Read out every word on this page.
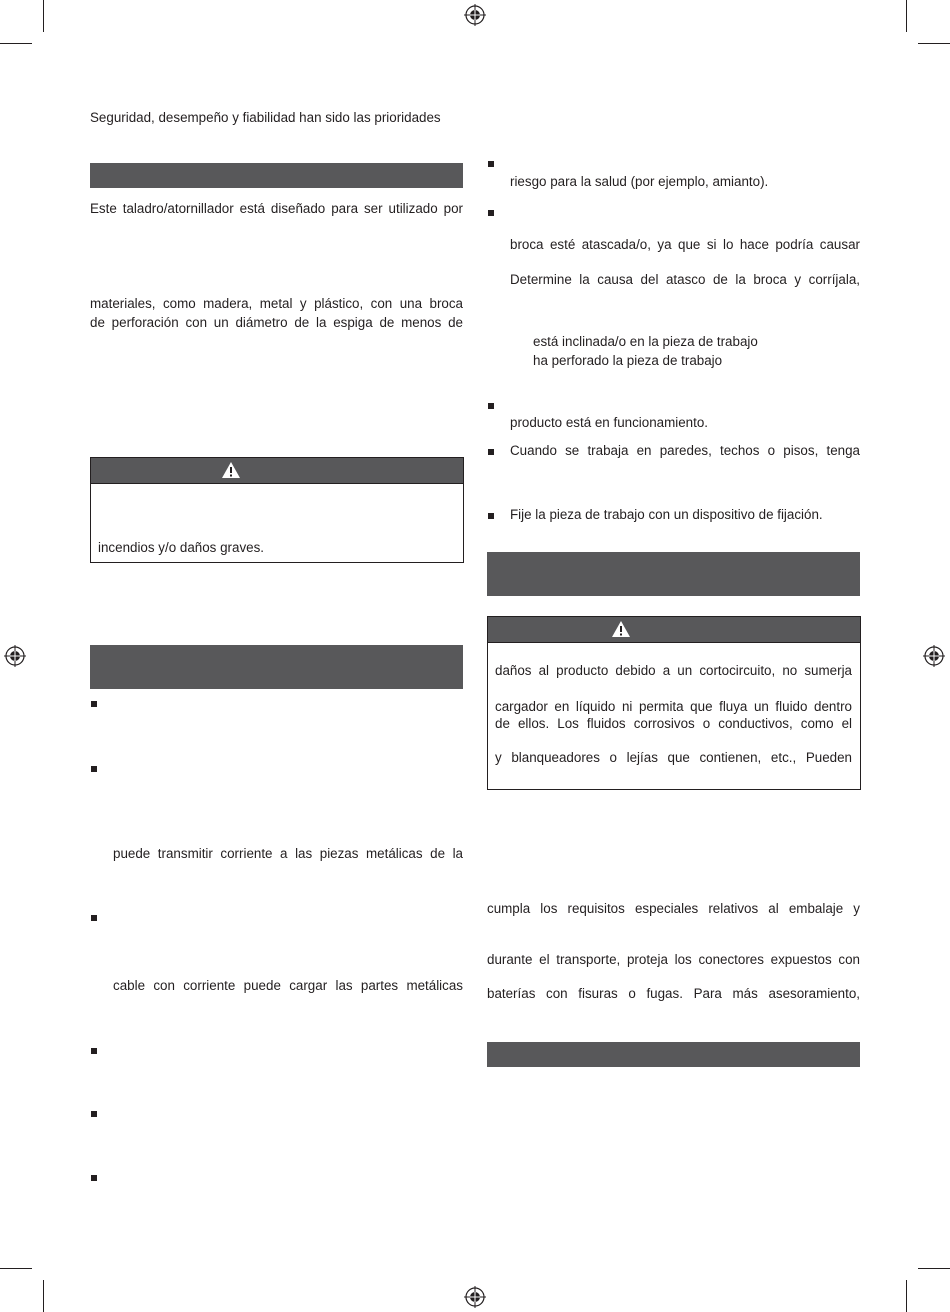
Seguridad, desempeño y fiabilidad han sido las prioridades
Este taladro/atornillador está diseñado para ser utilizado por
materiales, como madera, metal y plástico, con una broca
de perforación con un diámetro de la espiga de menos de
incendios y/o daños graves.
puede transmitir corriente a las piezas metálicas de la
cable con corriente puede cargar las partes metálicas
riesgo para la salud (por ejemplo, amianto).
broca esté atascada/o, ya que si lo hace podría causar
Determine la causa del atasco de la broca y corríjala,
está inclinada/o en la pieza de trabajo
ha perforado la pieza de trabajo
producto está en funcionamiento.
Cuando se trabaja en paredes, techos o pisos, tenga
Fije la pieza de trabajo con un dispositivo de fijación.
daños al producto debido a un cortocircuito, no sumerja
cargador en líquido ni permita que fluya un fluido dentro
de ellos. Los fluidos corrosivos o conductivos, como el
y blanqueadores o lejías que contienen, etc., Pueden
cumpla los requisitos especiales relativos al embalaje y
durante el transporte, proteja los conectores expuestos con
baterías con fisuras o fugas. Para más asesoramiento,
